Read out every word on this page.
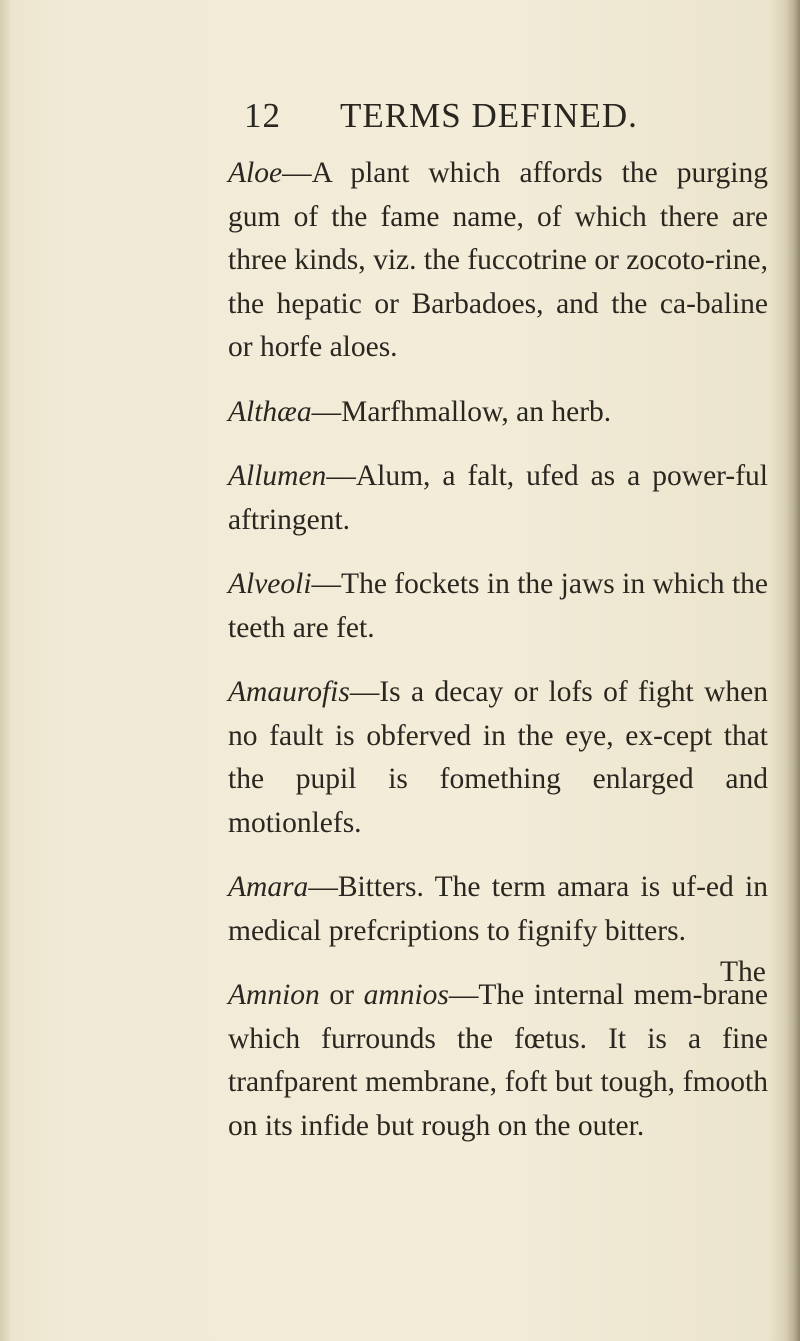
12 TERMS DEFINED.

Aloe—A plant which affords the purging gum of the fame name, of which there are three kinds, viz. the fuccotrine or zocoto-rine, the hepatic or Barbadoes, and the ca-baline or horfe aloes.

Althæa—Marfhmallow, an herb.

Allumen—Alum, a falt, ufed as a power-ful aftringent.

Alveoli—The fockets in the jaws in which the teeth are fet.

Amaurofis—Is a decay or lofs of fight when no fault is obferved in the eye, ex-cept that the pupil is fomething enlarged and motionlefs.

Amara—Bitters. The term amara is uf-ed in medical prefcriptions to fignify bitters.

Amnion or amnios—The internal mem-brane which furrounds the fœtus. It is a fine tranfparent membrane, foft but tough, fmooth on its infide but rough on the outer.

The
